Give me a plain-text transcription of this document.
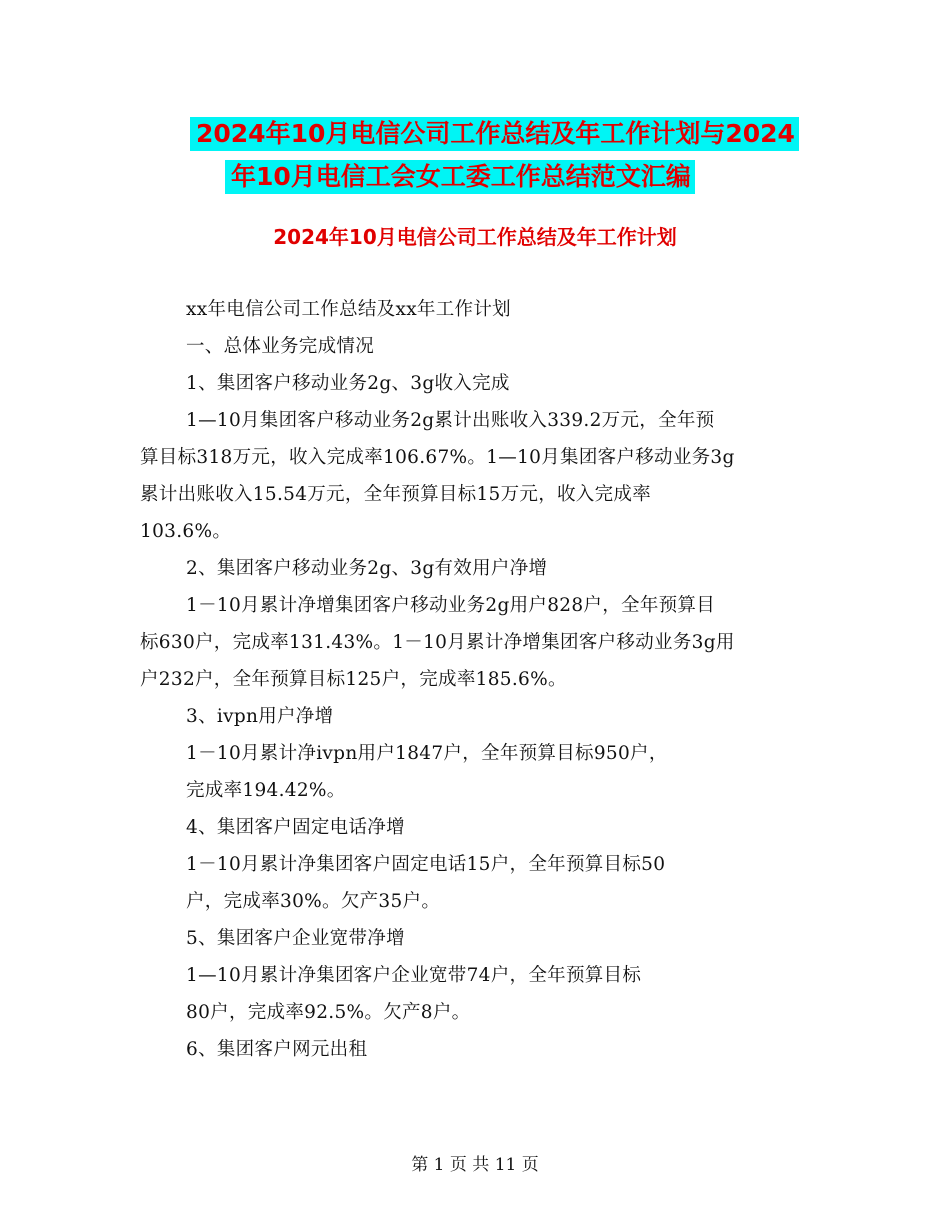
2024年10月电信公司工作总结及年工作计划与2024
年10月电信工会女工委工作总结范文汇编
2024年10月电信公司工作总结及年工作计划
xx年电信公司工作总结及xx年工作计划
一、总体业务完成情况
1、集团客户移动业务2g、3g收入完成
1—10月集团客户移动业务2g累计出账收入339.2万元，全年预
算目标318万元，收入完成率106.67%。1—10月集团客户移动业务3g
累计出账收入15.54万元，全年预算目标15万元，收入完成率
103.6%。
2、集团客户移动业务2g、3g有效用户净增
1－10月累计净增集团客户移动业务2g用户828户，全年预算目
标630户，完成率131.43%。1－10月累计净增集团客户移动业务3g用
户232户，全年预算目标125户，完成率185.6%。
3、ivpn用户净增
1－10月累计净ivpn用户1847户，全年预算目标950户，
完成率194.42%。
4、集团客户固定电话净增
1－10月累计净集团客户固定电话15户，全年预算目标50
户，完成率30%。欠产35户。
5、集团客户企业宽带净增
1—10月累计净集团客户企业宽带74户，全年预算目标
80户，完成率92.5%。欠产8户。
6、集团客户网元出租
第 1 页 共 11 页
